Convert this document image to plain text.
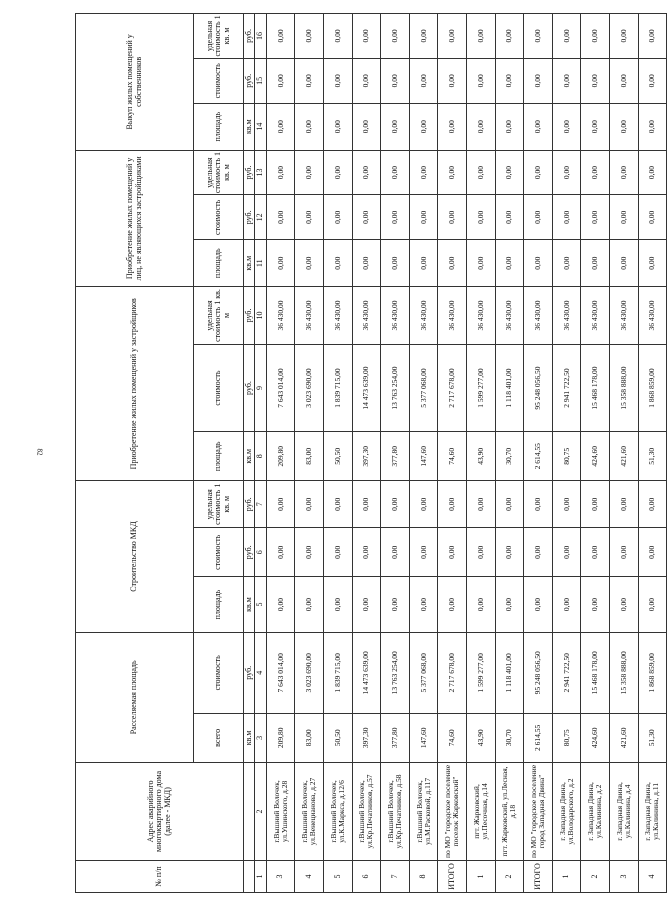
82
№ п/п	Адрес аварийного многоквартирного дома (далее - МКД)	Расселяемая площадь		Строительство МКД			Приобретение жилых помещений у застройщиков			Приобретение жилых помещений у лиц, не являющихся застройщиками			Выкуп жилых помещений у собственников		
		всего	стоимость	площадь	стоимость	удельная стоимость 1 кв. м	площадь	стоимость	удельная стоимость 1 кв. м	площадь	стоимость	удельная стоимость 1 кв. м	площадь	стоимость	удельная стоимость 1 кв. м
		кв.м	руб.	кв.м	руб.	руб.	кв.м	руб.	руб.	кв.м	руб.	руб.	кв.м	руб.	руб.
1	2	3	4	5	6	7	8	9	10	11	12	13	14	15	16
3	г.Вышний Волочек, ул.Ушинского, д.28	209,80	7 643 014,00	0,00	0,00	0,00	209,80	7 643 014,00	36 430,00	0,00	0,00	0,00	0,00	0,00	0,00
4	г.Вышний Волочек, ул.Венецианова, д.27	83,00	3 023 690,00	0,00	0,00	0,00	83,00	3 023 690,00	36 430,00	0,00	0,00	0,00	0,00	0,00	0,00
5	г.Вышний Волочек, ул.К.Маркса, д.12/6	50,50	1 839 715,00	0,00	0,00	0,00	50,50	1 839 715,00	36 430,00	0,00	0,00	0,00	0,00	0,00	0,00
6	г.Вышний Волочек, ул.Кр.Печатников, д.57	397,30	14 473 639,00	0,00	0,00	0,00	397,30	14 473 639,00	36 430,00	0,00	0,00	0,00	0,00	0,00	0,00
7	г.Вышний Волочек, ул.Кр.Печатников, д.58	377,80	13 763 254,00	0,00	0,00	0,00	377,80	13 763 254,00	36 430,00	0,00	0,00	0,00	0,00	0,00	0,00
8	г.Вышний Волочек, ул.М.Расковой, д.117	147,60	5 377 068,00	0,00	0,00	0,00	147,60	5 377 068,00	36 430,00	0,00	0,00	0,00	0,00	0,00	0,00
ИТОГО	по МО "городское поселение поселок Жарковский"	74,60	2 717 678,00	0,00	0,00	0,00	74,60	2 717 678,00	36 430,00	0,00	0,00	0,00	0,00	0,00	0,00
1	пгт. Жарковский, ул.Песочная, д.14	43,90	1 599 277,00	0,00	0,00	0,00	43,90	1 599 277,00	36 430,00	0,00	0,00	0,00	0,00	0,00	0,00
2	пгт. Жарковский, ул.Лесная, д.18	30,70	1 118 401,00	0,00	0,00	0,00	30,70	1 118 401,00	36 430,00	0,00	0,00	0,00	0,00	0,00	0,00
ИТОГО	по МО "городское поселение город Западная Двина"	2 614,55	95 248 056,50	0,00	0,00	0,00	2 614,55	95 248 056,50	36 430,00	0,00	0,00	0,00	0,00	0,00	0,00
1	г. Западная Двина, ул.Володарского, д.2	80,75	2 941 722,50	0,00	0,00	0,00	80,75	2 941 722,50	36 430,00	0,00	0,00	0,00	0,00	0,00	0,00
2	г. Западная Двина, ул.Калинина, д.2	424,60	15 468 178,00	0,00	0,00	0,00	424,60	15 468 178,00	36 430,00	0,00	0,00	0,00	0,00	0,00	0,00
3	г. Западная Двина, ул.Калинина, д.4	421,60	15 358 888,00	0,00	0,00	0,00	421,60	15 358 888,00	36 430,00	0,00	0,00	0,00	0,00	0,00	0,00
4	г. Западная Двина, ул.Калинина, д.11	51,30	1 868 859,00	0,00	0,00	0,00	51,30	1 868 859,00	36 430,00	0,00	0,00	0,00	0,00	0,00	0,00
